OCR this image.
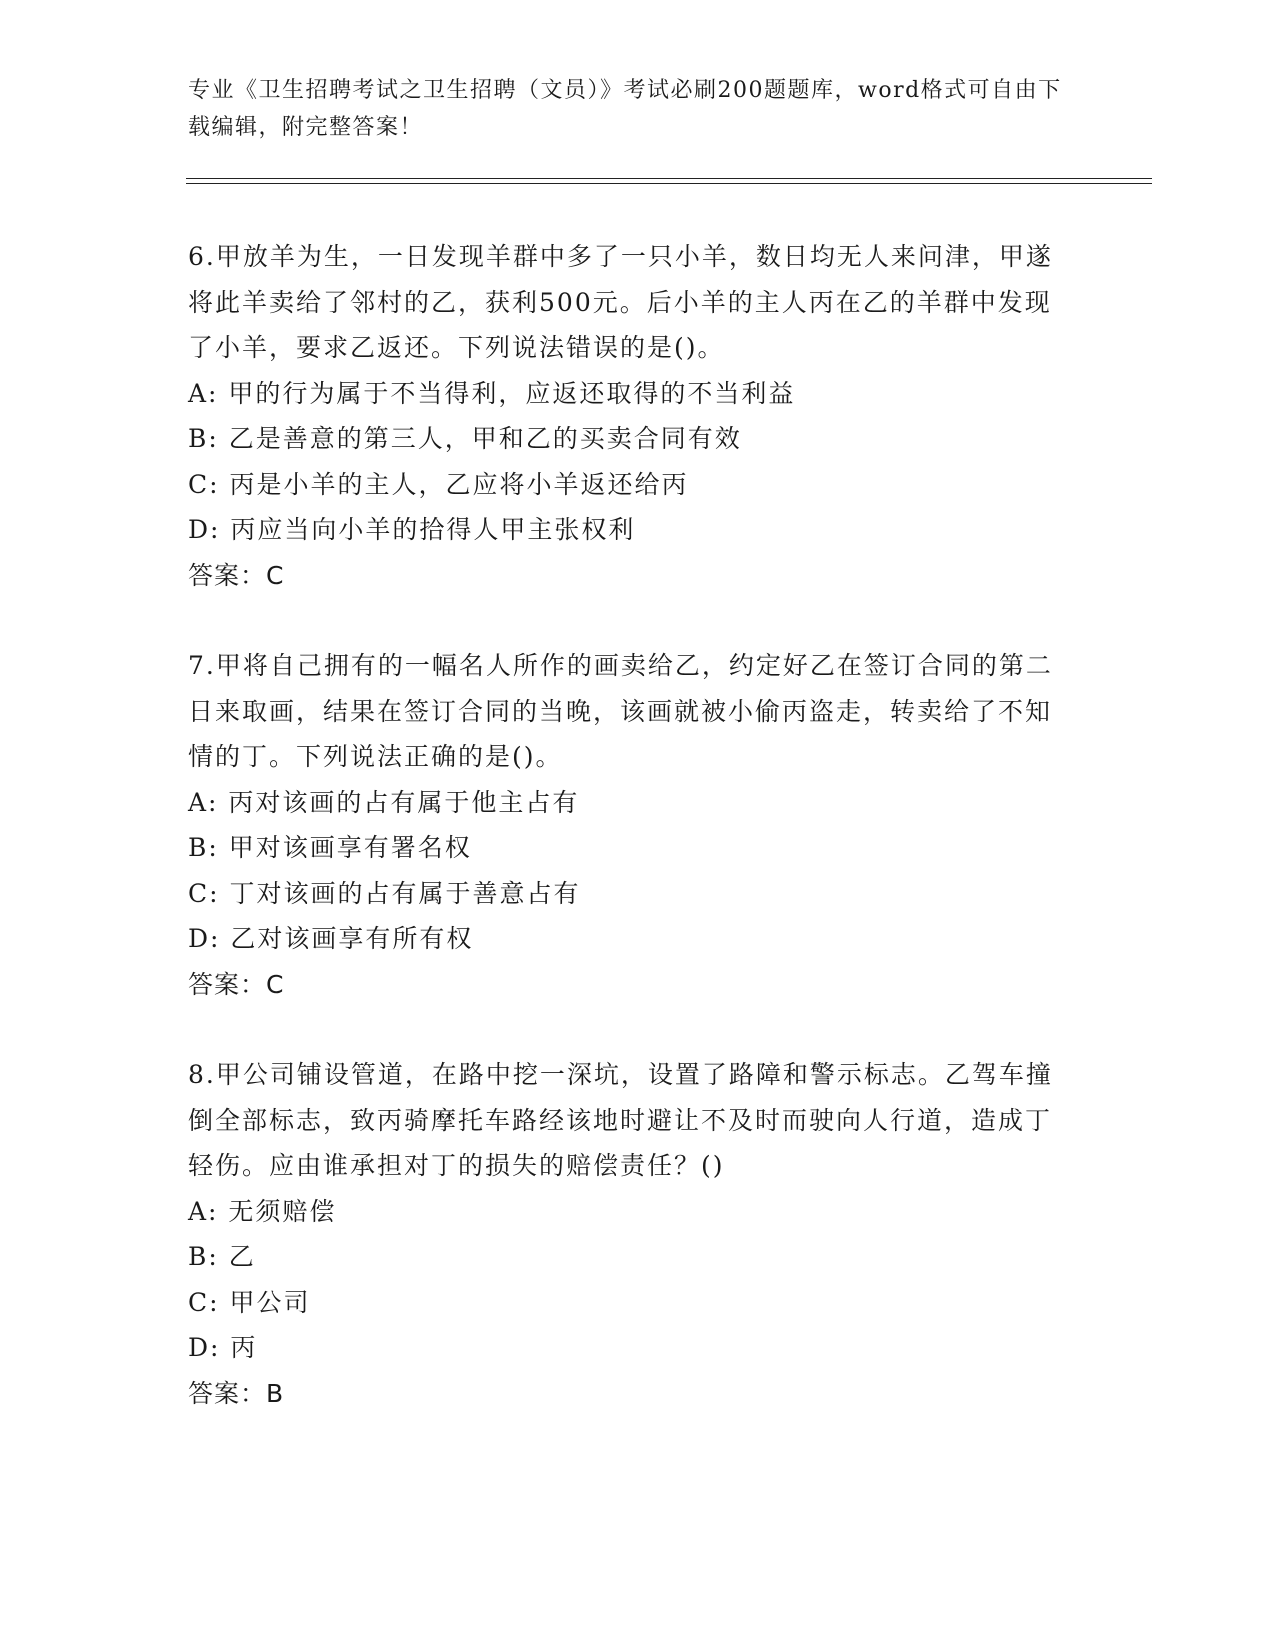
专业《卫生招聘考试之卫生招聘（文员）》考试必刷200题题库，word格式可自由下载编辑，附完整答案！
6.甲放羊为生，一日发现羊群中多了一只小羊，数日均无人来问津，甲遂将此羊卖给了邻村的乙，获利500元。后小羊的主人丙在乙的羊群中发现了小羊，要求乙返还。下列说法错误的是()。
A: 甲的行为属于不当得利，应返还取得的不当利益
B: 乙是善意的第三人，甲和乙的买卖合同有效
C: 丙是小羊的主人，乙应将小羊返还给丙
D: 丙应当向小羊的拾得人甲主张权利
答案：C
7.甲将自己拥有的一幅名人所作的画卖给乙，约定好乙在签订合同的第二日来取画，结果在签订合同的当晚，该画就被小偷丙盗走，转卖给了不知情的丁。下列说法正确的是()。
A: 丙对该画的占有属于他主占有
B: 甲对该画享有署名权
C: 丁对该画的占有属于善意占有
D: 乙对该画享有所有权
答案：C
8.甲公司铺设管道，在路中挖一深坑，设置了路障和警示标志。乙驾车撞倒全部标志，致丙骑摩托车路经该地时避让不及时而驶向人行道，造成丁轻伤。应由谁承担对丁的损失的赔偿责任？()
A: 无须赔偿
B: 乙
C: 甲公司
D: 丙
答案：B
